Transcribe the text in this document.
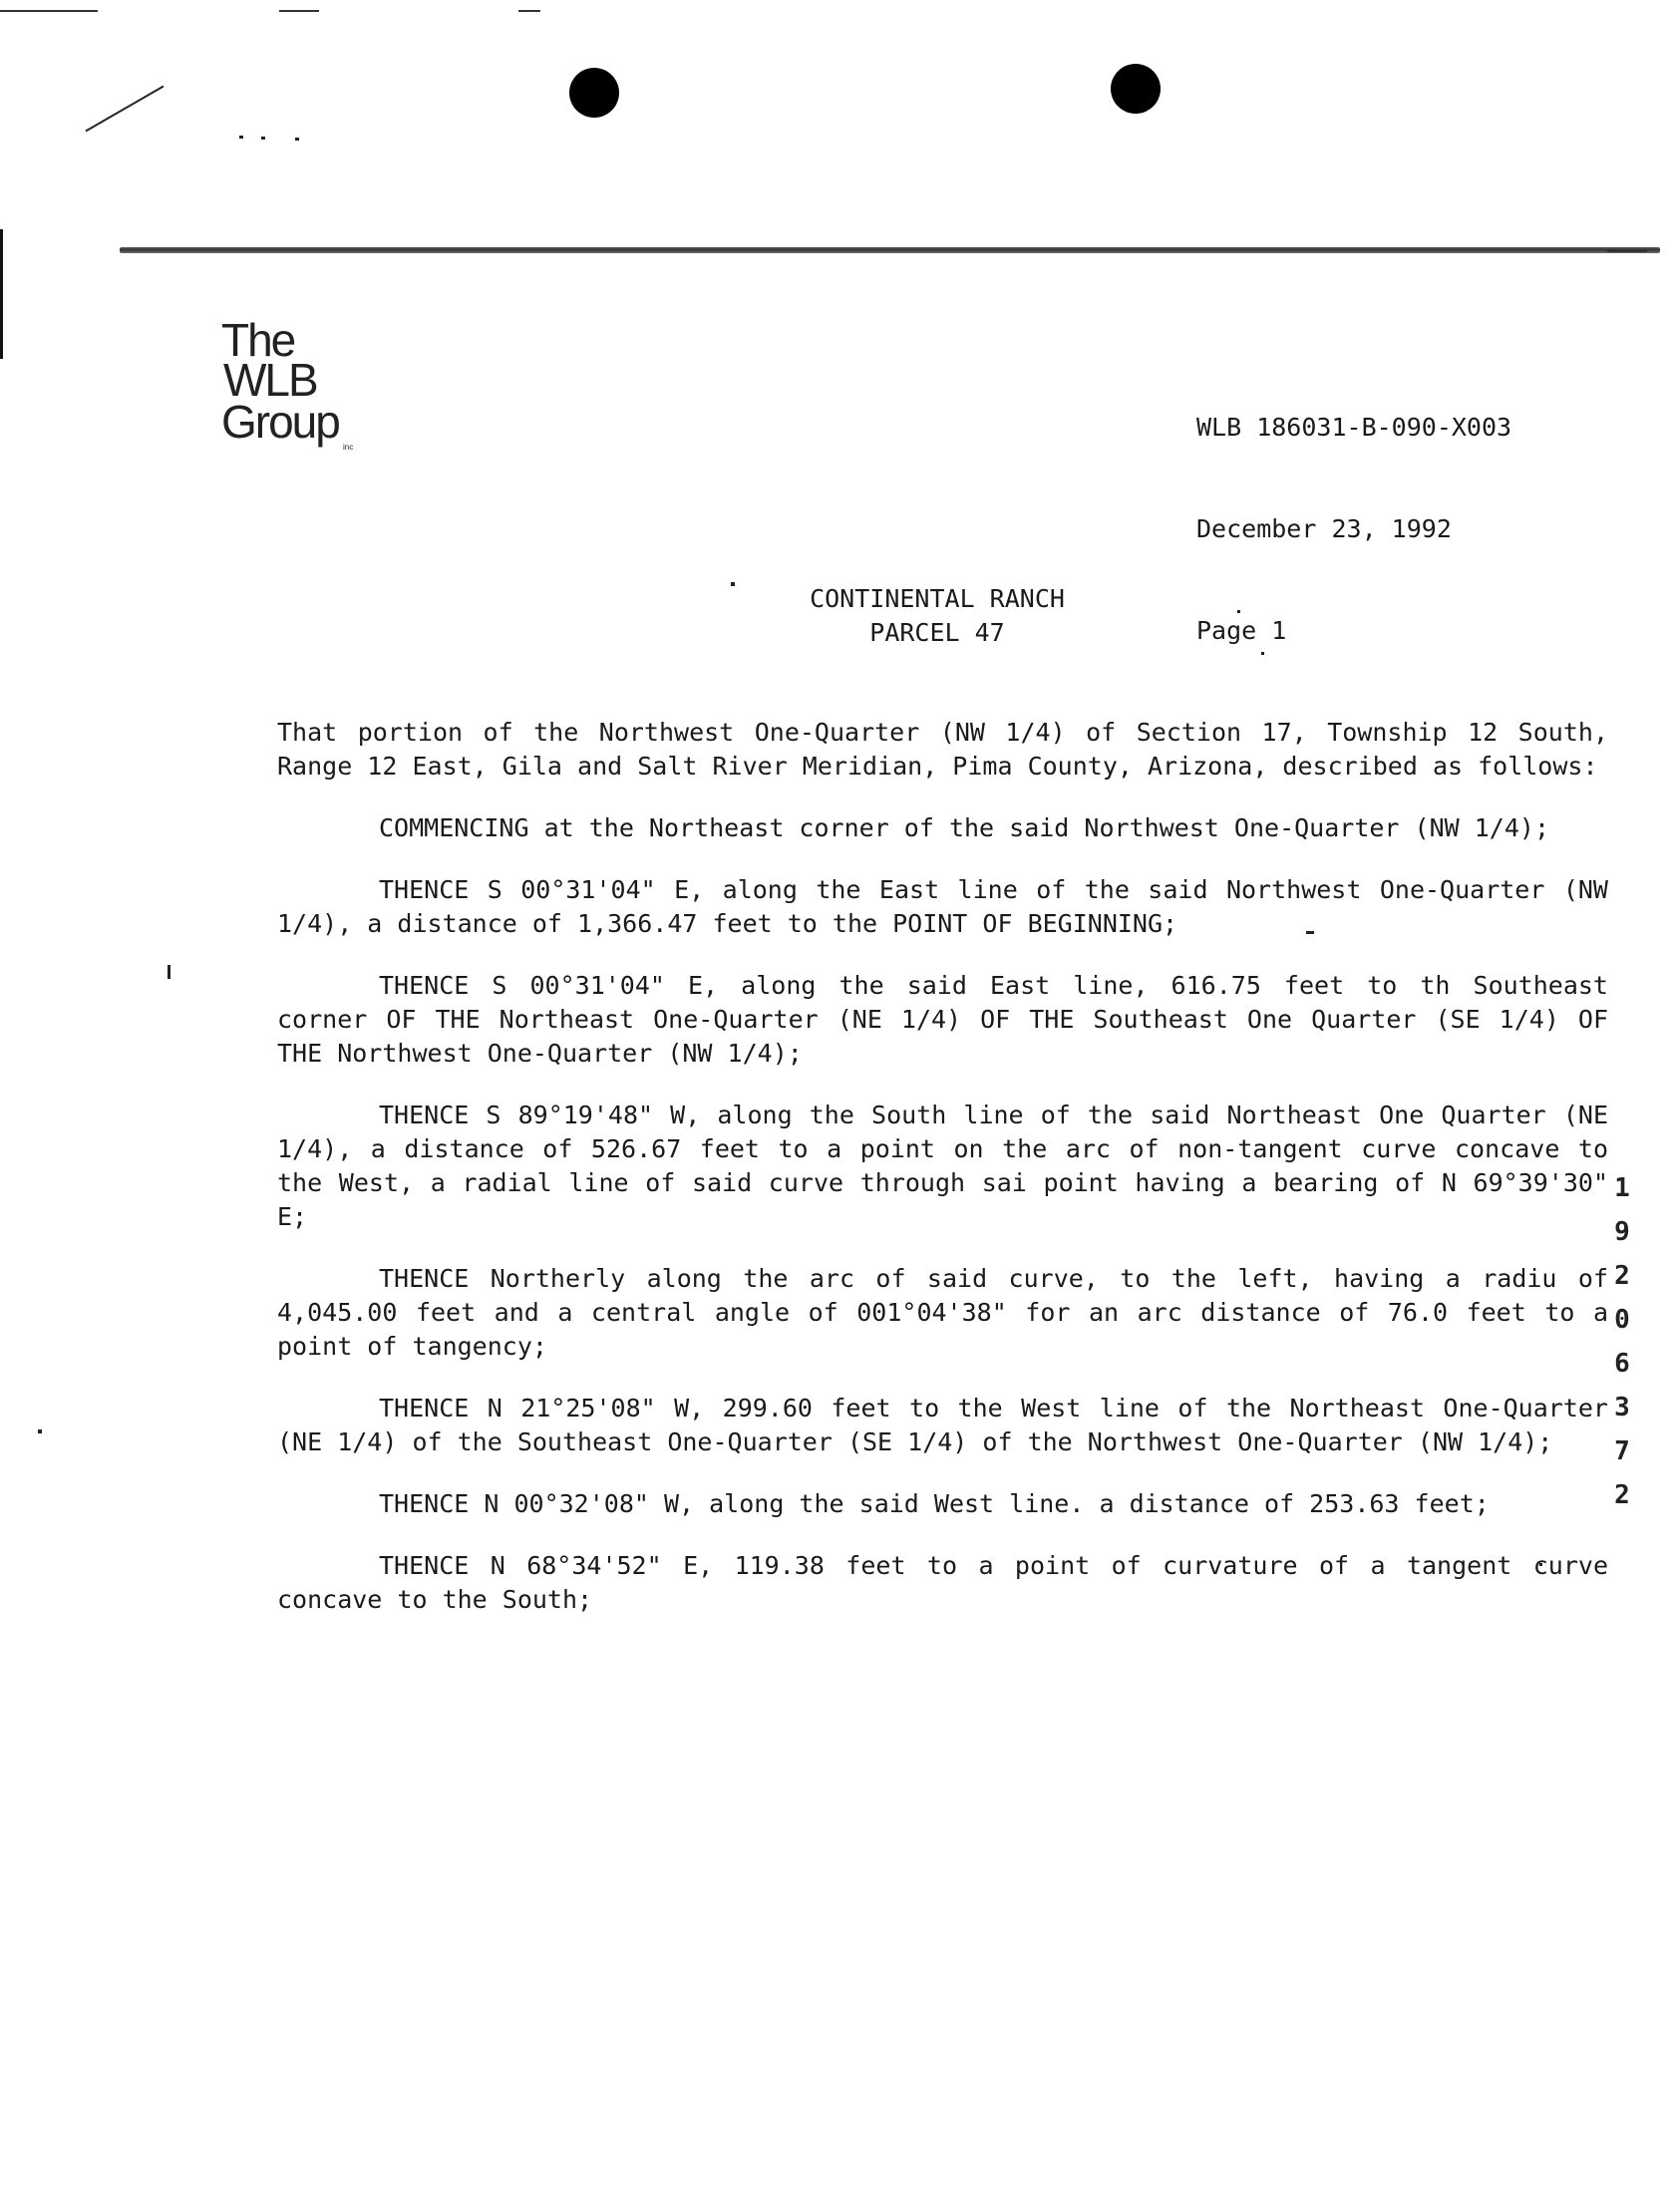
The
WLB
Group inc

WLB 186031-B-090-X003

December 23, 1992

Page 1

CONTINENTAL RANCH
PARCEL 47

That portion of the Northwest One-Quarter (NW 1/4) of Section 17, Township 12 South, Range 12 East, Gila and Salt River Meridian, Pima County, Arizona, described as follows:

COMMENCING at the Northeast corner of the said Northwest One-Quarter (NW 1/4);

THENCE S 00°31'04" E, along the East line of the said Northwest One-Quarter (NW 1/4), a distance of 1,366.47 feet to the POINT OF BEGINNING;

THENCE S 00°31'04" E, along the said East line, 616.75 feet to th Southeast corner OF THE Northeast One-Quarter (NE 1/4) OF THE Southeast One Quarter (SE 1/4) OF THE Northwest One-Quarter (NW 1/4);

THENCE S 89°19'48" W, along the South line of the said Northeast One Quarter (NE 1/4), a distance of 526.67 feet to a point on the arc of non-tangent curve concave to the West, a radial line of said curve through sai point having a bearing of N 69°39'30" E;

THENCE Northerly along the arc of said curve, to the left, having a radiu of 4,045.00 feet and a central angle of 001°04'38" for an arc distance of 76.0 feet to a point of tangency;

THENCE N 21°25'08" W, 299.60 feet to the West line of the Northeast One-Quarter (NE 1/4) of the Southeast One-Quarter (SE 1/4) of the Northwest One-Quarter (NW 1/4);

THENCE N 00°32'08" W, along the said West line. a distance of 253.63 feet;

THENCE N 68°34'52" E, 119.38 feet to a point of curvature of a tangent curve concave to the South;

1
9
2
0
6
3
7
2
